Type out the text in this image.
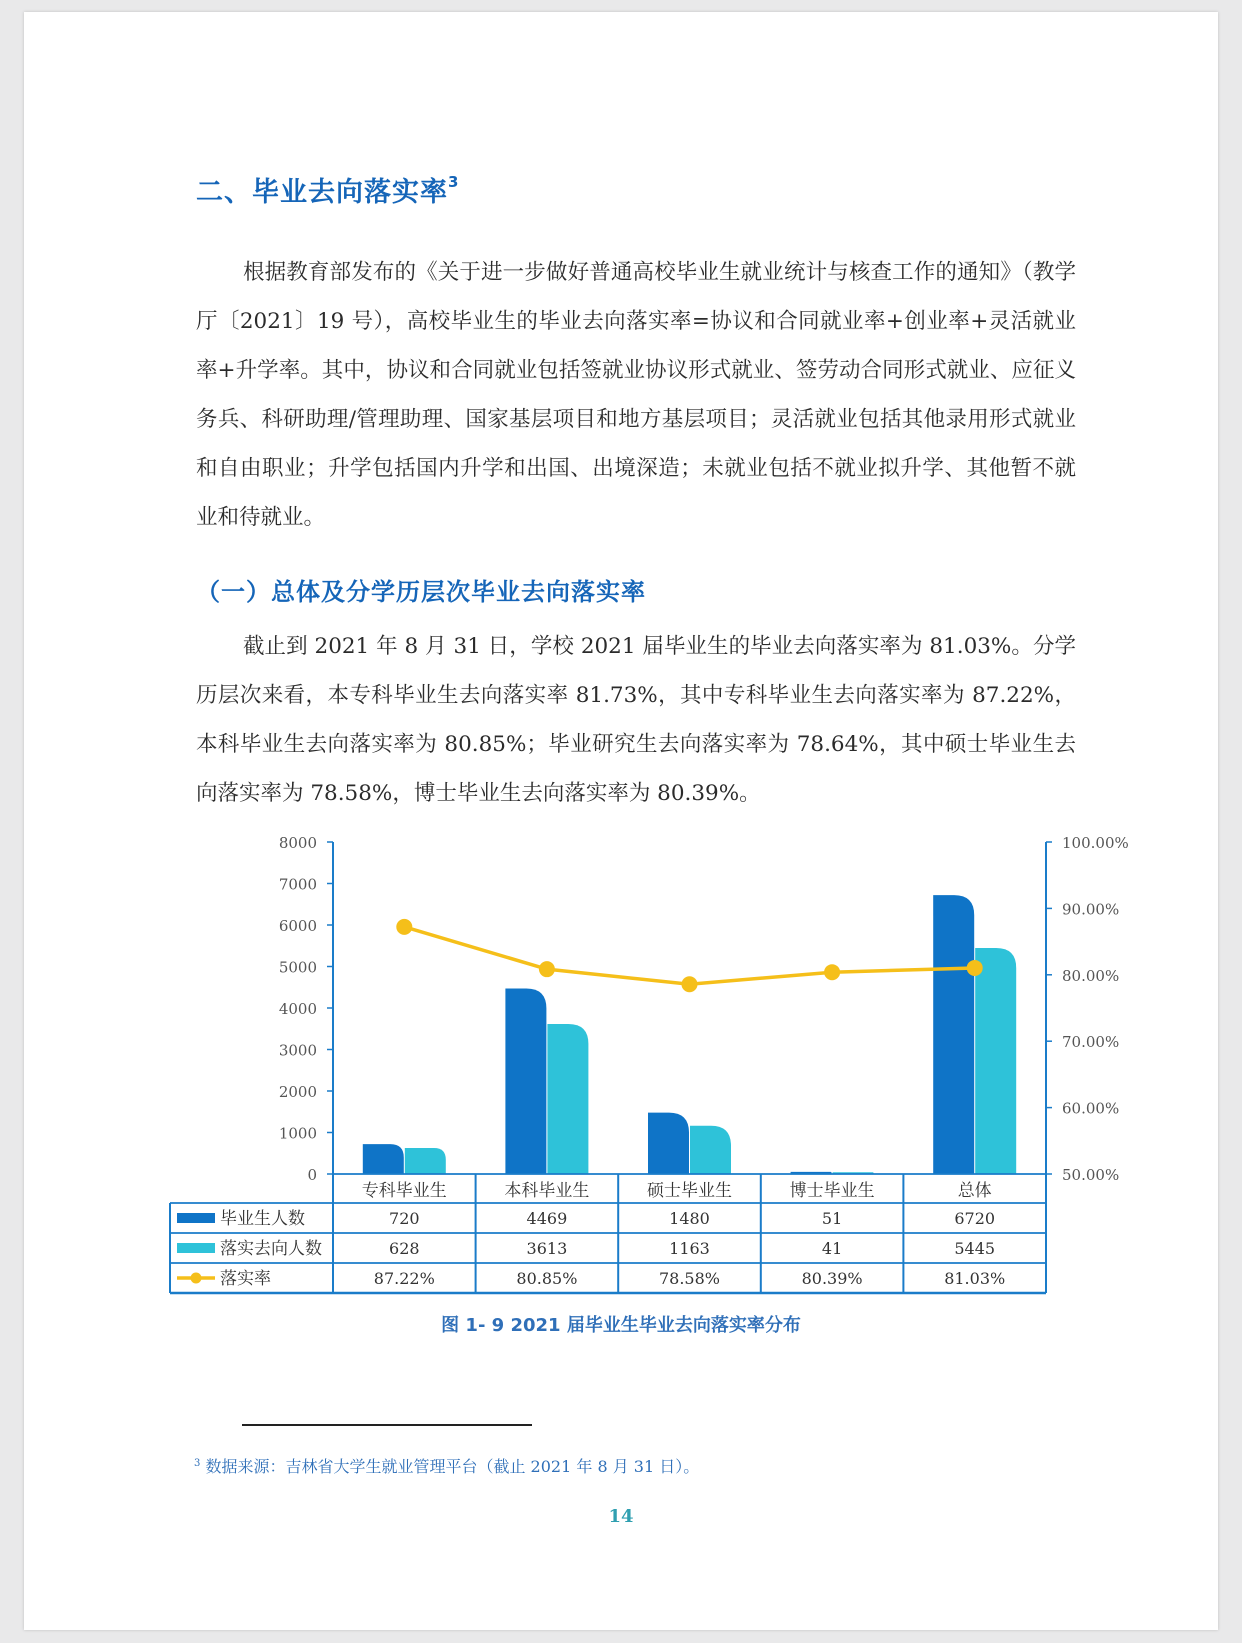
二、毕业去向落实率$^3$

根据教育部发布的《关于进一步做好普通高校毕业生就业统计与核查工作的通知》（教学厅〔2021〕19 号），高校毕业生的毕业去向落实率=协议和合同就业率+创业率+灵活就业率+升学率。其中，协议和合同就业包括签就业协议形式就业、签劳动合同形式就业、应征义务兵、科研助理/管理助理、国家基层项目和地方基层项目；灵活就业包括其他录用形式就业和自由职业；升学包括国内升学和出国、出境深造；未就业包括不就业拟升学、其他暂不就业和待就业。

（一）总体及分学历层次毕业去向落实率

截止到 2021 年 8 月 31 日，学校 2021 届毕业生的毕业去向落实率为 81.03%。分学历层次来看，本专科毕业生去向落实率 81.73%，其中专科毕业生去向落实率为 87.22%，本科毕业生去向落实率为 80.85%；毕业研究生去向落实率为 78.64%，其中硕士毕业生去向落实率为 78.58%，博士毕业生去向落实率为 80.39%。

8000
7000
6000
5000
4000
3000
2000
1000
0
100.00%
90.00%
80.00%
70.00%
60.00%
50.00%
专科毕业生	本科毕业生	硕士毕业生	博士毕业生	总体
毕业生人数	720	4469	1480	51	6720
落实去向人数	628	3613	1163	41	5445
落实率	87.22%	80.85%	78.58%	80.39%	81.03%
图 1- 9 2021 届毕业生毕业去向落实率分布
$^3$ 数据来源：吉林省大学生就业管理平台（截止 2021 年 8 月 31 日）。
14
